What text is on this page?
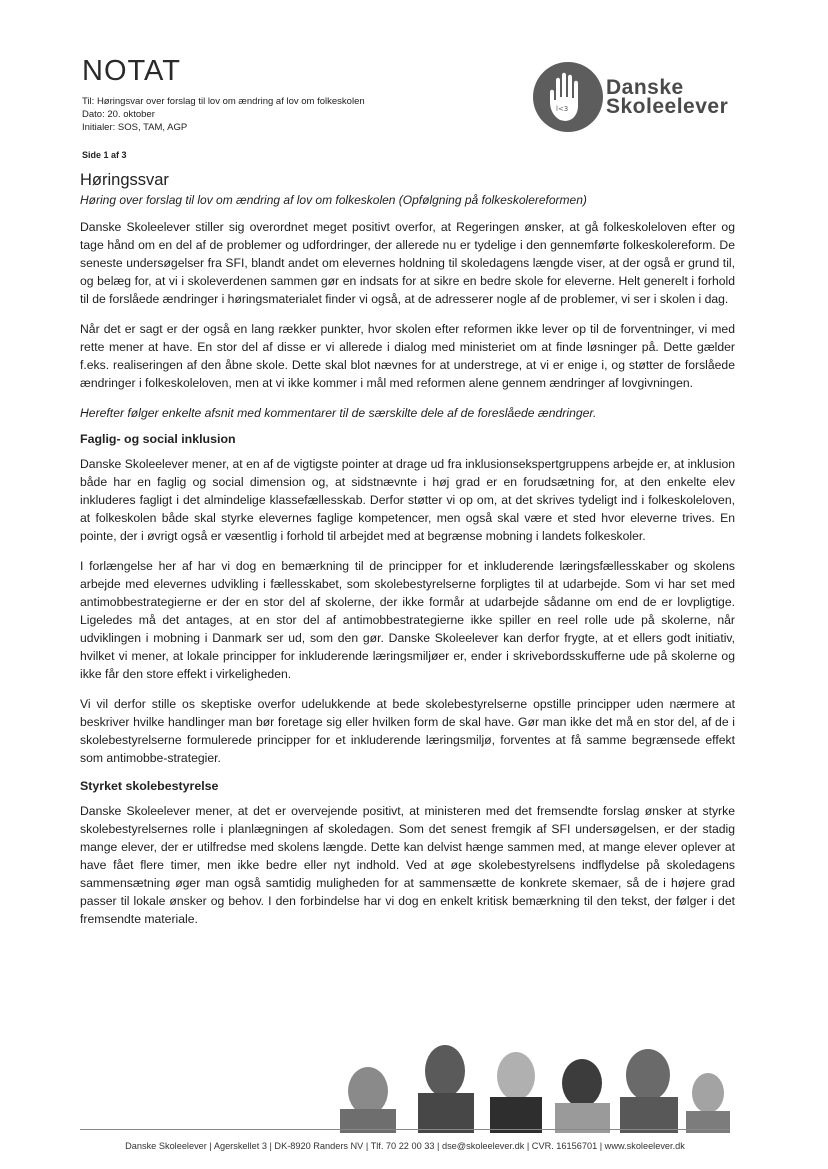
NOTAT
Til: Høringsvar over forslag til lov om ændring af lov om folkeskolen
Dato: 20. oktober
Initialer: SOS, TAM, AGP
Side 1 af 3
l<3
Danske
Skoleelever
Høringssvar
Høring over forslag til lov om ændring af lov om folkeskolen (Opfølgning på folkeskolereformen)

Danske Skoleelever stiller sig overordnet meget positivt overfor, at Regeringen ønsker, at gå folkeskoleloven efter og tage hånd om en del af de problemer og udfordringer, der allerede nu er tydelige i den gennemførte folkeskolereform. De seneste undersøgelser fra SFI, blandt andet om elevernes holdning til skoledagens længde viser, at der også er grund til, og belæg for, at vi i skoleverdenen sammen gør en indsats for at sikre en bedre skole for eleverne. Helt generelt i forhold til de forslåede ændringer i høringsmaterialet finder vi også, at de adresserer nogle af de problemer, vi ser i skolen i dag.

Når det er sagt er der også en lang rækker punkter, hvor skolen efter reformen ikke lever op til de forventninger, vi med rette mener at have. En stor del af disse er vi allerede i dialog med ministeriet om at finde løsninger på. Dette gælder f.eks. realiseringen af den åbne skole. Dette skal blot nævnes for at understrege, at vi er enige i, og støtter de forslåede ændringer i folkeskoleloven, men at vi ikke kommer i mål med reformen alene gennem ændringer af lovgivningen.

Herefter følger enkelte afsnit med kommentarer til de særskilte dele af de foreslåede ændringer.

Faglig- og social inklusion

Danske Skoleelever mener, at en af de vigtigste pointer at drage ud fra inklusionsekspertgruppens arbejde er, at inklusion både har en faglig og social dimension og, at sidstnævnte i høj grad er en forudsætning for, at den enkelte elev inkluderes fagligt i det almindelige klassefællesskab. Derfor støtter vi op om, at det skrives tydeligt ind i folkeskoleloven, at folkeskolen både skal styrke elevernes faglige kompetencer, men også skal være et sted hvor eleverne trives. En pointe, der i øvrigt også er væsentlig i forhold til arbejdet med at begrænse mobning i landets folkeskoler.

I forlængelse her af har vi dog en bemærkning til de principper for et inkluderende læringsfællesskaber og skolens arbejde med elevernes udvikling i fællesskabet, som skolebestyrelserne forpligtes til at udarbejde. Som vi har set med antimobbestrategierne er der en stor del af skolerne, der ikke formår at udarbejde sådanne om end de er lovpligtige. Ligeledes må det antages, at en stor del af antimobbestrategierne ikke spiller en reel rolle ude på skolerne, når udviklingen i mobning i Danmark ser ud, som den gør. Danske Skoleelever kan derfor frygte, at et ellers godt initiativ, hvilket vi mener, at lokale principper for inkluderende læringsmiljøer er, ender i skrivebordsskufferne ude på skolerne og ikke får den store effekt i virkeligheden.

Vi vil derfor stille os skeptiske overfor udelukkende at bede skolebestyrelserne opstille principper uden nærmere at beskriver hvilke handlinger man bør foretage sig eller hvilken form de skal have. Gør man ikke det må en stor del, af de i skolebestyrelserne formulerede principper for et inkluderende læringsmiljø, forventes at få samme begrænsede effekt som antimobbe-strategier.

Styrket skolebestyrelse

Danske Skoleelever mener, at det er overvejende positivt, at ministeren med det fremsendte forslag ønsker at styrke skolebestyrelsernes rolle i planlægningen af skoledagen. Som det senest fremgik af SFI undersøgelsen, er der stadig mange elever, der er utilfredse med skolens længde. Dette kan delvist hænge sammen med, at mange elever oplever at have fået flere timer, men ikke bedre eller nyt indhold. Ved at øge skolebestyrelsens indflydelse på skoledagens sammensætning øger man også samtidig muligheden for at sammensætte de konkrete skemaer, så de i højere grad passer til lokale ønsker og behov. I den forbindelse har vi dog en enkelt kritisk bemærkning til den tekst, der følger i det fremsendte materiale.

Danske Skoleelever | Agerskellet 3 | DK-8920 Randers NV | Tlf. 70 22 00 33 | dse@skoleelever.dk | CVR. 16156701 | www.skoleelever.dk
